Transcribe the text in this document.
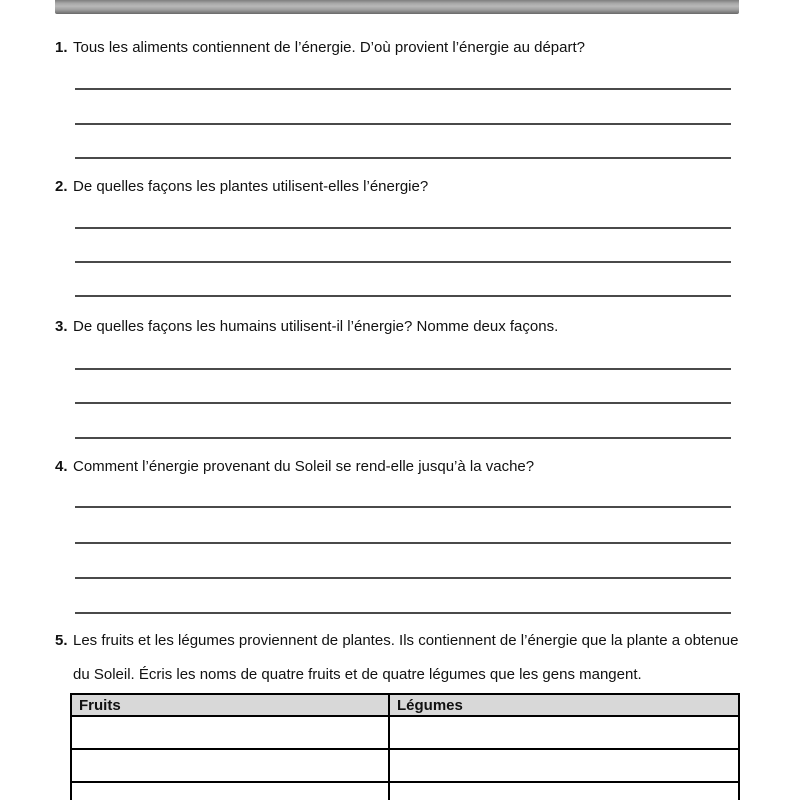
1. Tous les aliments contiennent de l’énergie. D’où provient l’énergie au départ?
2. De quelles façons les plantes utilisent-elles l’énergie?
3. De quelles façons les humains utilisent-il l’énergie? Nomme deux façons.
4. Comment l’énergie provenant du Soleil se rend-elle jusqu’à la vache?
5. Les fruits et les légumes proviennent de plantes. Ils contiennent de l’énergie que la plante a obtenue du Soleil. Écris les noms de quatre fruits et de quatre légumes que les gens mangent.
Fruits	Légumes
